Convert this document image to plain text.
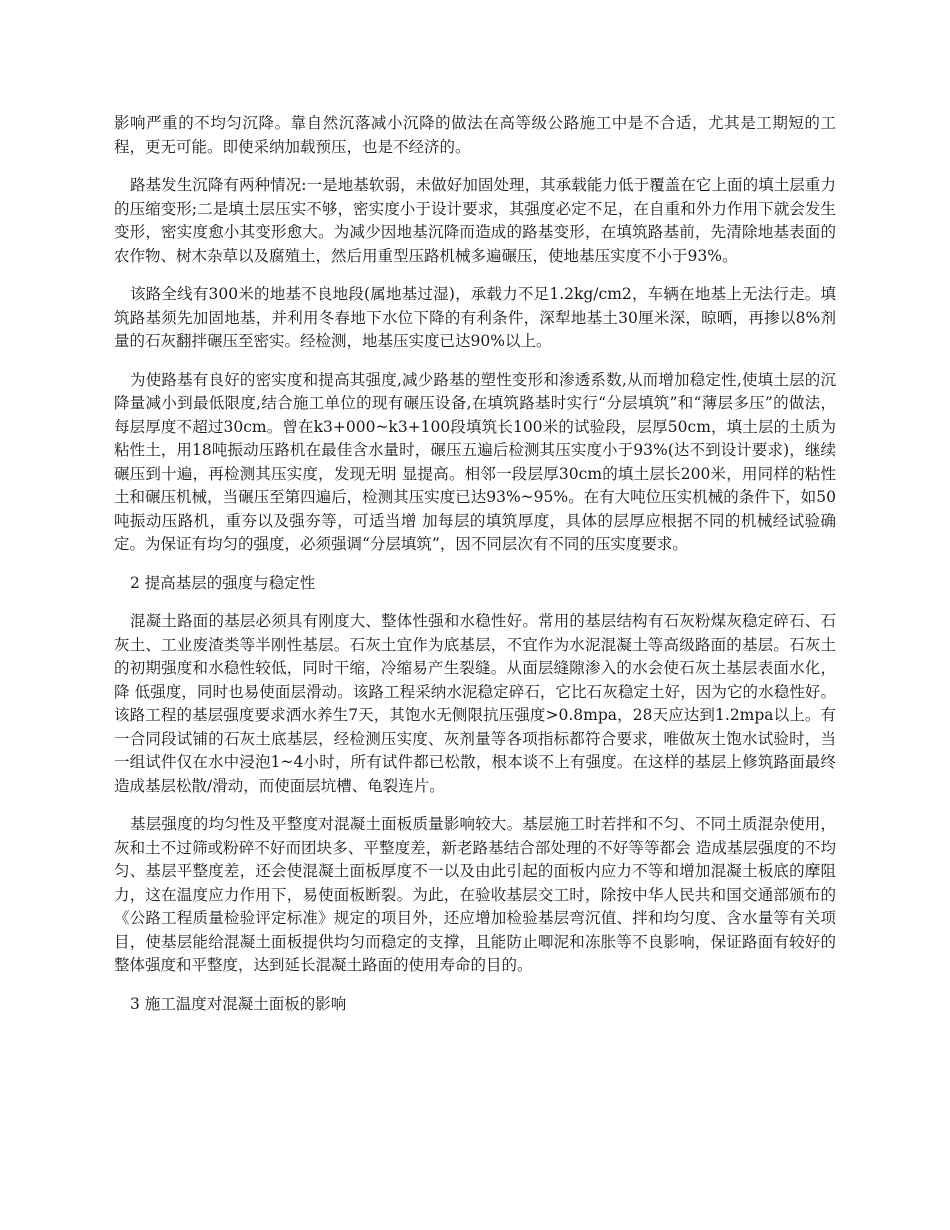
影响严重的不均匀沉降。靠自然沉落减小沉降的做法在高等级公路施工中是不合适，尤其是工期短的工程，更无可能。即使采纳加载预压，也是不经济的。

路基发生沉降有两种情况:一是地基软弱，未做好加固处理，其承载能力低于覆盖在它上面的填土层重力的压缩变形;二是填土层压实不够，密实度小于设计要求，其强度必定不足，在自重和外力作用下就会发生变形，密实度愈小其变形愈大。为减少因地基沉降而造成的路基变形，在填筑路基前，先清除地基表面的农作物、树木杂草以及腐殖土，然后用重型压路机械多遍碾压，使地基压实度不小于93%。

该路全线有300米的地基不良地段(属地基过湿)，承载力不足1.2kg/cm2，车辆在地基上无法行走。填筑路基须先加固地基，并利用冬春地下水位下降的有利条件，深犁地基土30厘米深，晾晒，再掺以8%剂量的石灰翻拌碾压至密实。经检测，地基压实度已达90%以上。

为使路基有良好的密实度和提高其强度,减少路基的塑性变形和渗透系数,从而增加稳定性,使填土层的沉降量减小到最低限度,结合施工单位的现有碾压设备,在填筑路基时实行“分层填筑”和“薄层多压”的做法，每层厚度不超过30cm。曾在k3+000~k3+100段填筑长100米的试验段，层厚50cm，填土层的土质为粘性土，用18吨振动压路机在最佳含水量时，碾压五遍后检测其压实度小于93%(达不到设计要求)，继续碾压到十遍，再检测其压实度，发现无明 显提高。相邻一段层厚30cm的填土层长200米，用同样的粘性土和碾压机械，当碾压至第四遍后，检测其压实度已达93%~95%。在有大吨位压实机械的条件下，如50吨振动压路机，重夯以及强夯等，可适当增 加每层的填筑厚度，具体的层厚应根据不同的机械经试验确定。为保证有均匀的强度，必须强调“分层填筑”，因不同层次有不同的压实度要求。

2 提高基层的强度与稳定性

混凝土路面的基层必须具有刚度大、整体性强和水稳性好。常用的基层结构有石灰粉煤灰稳定碎石、石灰土、工业废渣类等半刚性基层。石灰土宜作为底基层，不宜作为水泥混凝土等高级路面的基层。石灰土的初期强度和水稳性较低，同时干缩，冷缩易产生裂缝。从面层缝隙渗入的水会使石灰土基层表面水化，降 低强度，同时也易使面层滑动。该路工程采纳水泥稳定碎石，它比石灰稳定土好，因为它的水稳性好。该路工程的基层强度要求洒水养生7天，其饱水无侧限抗压强度>0.8mpa，28天应达到1.2mpa以上。有一合同段试铺的石灰土底基层，经检测压实度、灰剂量等各项指标都符合要求，唯做灰土饱水试验时，当一组试件仅在水中浸泡1~4小时，所有试件都已松散，根本谈不上有强度。在这样的基层上修筑路面最终造成基层松散/滑动，而使面层坑槽、龟裂连片。

基层强度的均匀性及平整度对混凝土面板质量影响较大。基层施工时若拌和不匀、不同土质混杂使用，灰和土不过筛或粉碎不好而团块多、平整度差，新老路基结合部处理的不好等等都会 造成基层强度的不均匀、基层平整度差，还会使混凝土面板厚度不一以及由此引起的面板内应力不等和增加混凝土板底的摩阻力，这在温度应力作用下，易使面板断裂。为此，在验收基层交工时，除按中华人民共和国交通部颁布的《公路工程质量检验评定标准》规定的项目外，还应增加检验基层弯沉值、拌和均匀度、含水量等有关项目，使基层能给混凝土面板提供均匀而稳定的支撑，且能防止唧泥和冻胀等不良影响，保证路面有较好的整体强度和平整度，达到延长混凝土路面的使用寿命的目的。

3 施工温度对混凝土面板的影响
